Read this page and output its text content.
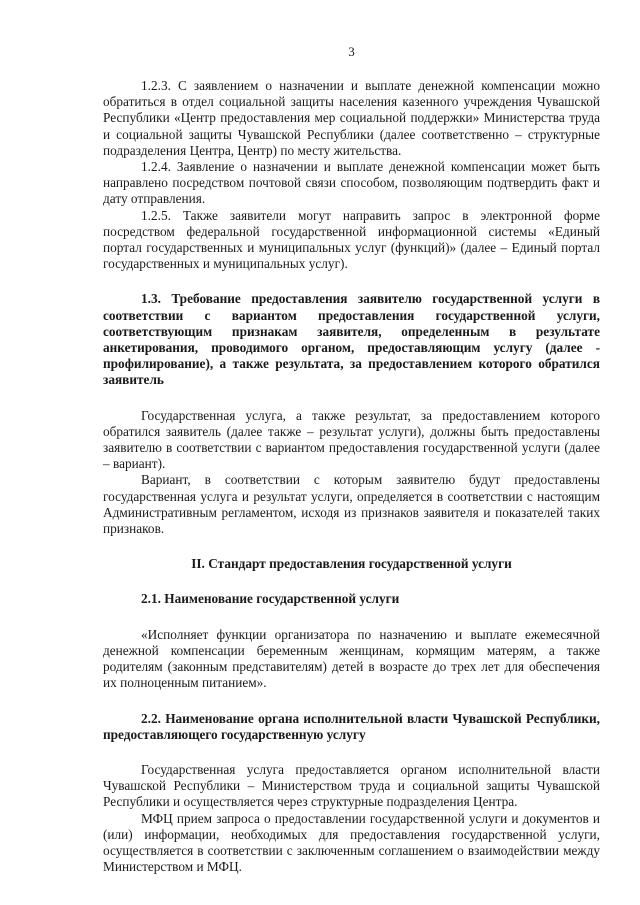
3

1.2.3. С заявлением о назначении и выплате денежной компенсации можно обратиться в отдел социальной защиты населения казенного учреждения Чувашской Республики «Центр предоставления мер социальной поддержки» Министерства труда и социальной защиты Чувашской Республики (далее соответственно – структурные подразделения Центра, Центр) по месту жительства.

1.2.4. Заявление о назначении и выплате денежной компенсации может быть направлено посредством почтовой связи способом, позволяющим подтвердить факт и дату отправления.

1.2.5. Также заявители могут направить запрос в электронной форме посредством федеральной государственной информационной системы «Единый портал государственных и муниципальных услуг (функций)» (далее – Единый портал государственных и муниципальных услуг).

1.3. Требование предоставления заявителю государственной услуги в соответствии с вариантом предоставления государственной услуги, соответствующим признакам заявителя, определенным в результате анкетирования, проводимого органом, предоставляющим услугу (далее - профилирование), а также результата, за предоставлением которого обратился заявитель

Государственная услуга, а также результат, за предоставлением которого обратился заявитель (далее также – результат услуги), должны быть предоставлены заявителю в соответствии с вариантом предоставления государственной услуги (далее – вариант).

Вариант, в соответствии с которым заявителю будут предоставлены государственная услуга и результат услуги, определяется в соответствии с настоящим Административным регламентом, исходя из признаков заявителя и показателей таких признаков.

II. Стандарт предоставления государственной услуги

2.1. Наименование государственной услуги

«Исполняет функции организатора по назначению и выплате ежемесячной денежной компенсации беременным женщинам, кормящим матерям, а также родителям (законным представителям) детей в возрасте до трех лет для обеспечения их полноценным питанием».

2.2. Наименование органа исполнительной власти Чувашской Республики, предоставляющего государственную услугу

Государственная услуга предоставляется органом исполнительной власти Чувашской Республики – Министерством труда и социальной защиты Чувашской Республики и осуществляется через структурные подразделения Центра.

МФЦ прием запроса о предоставлении государственной услуги и документов и (или) информации, необходимых для предоставления государственной услуги, осуществляется в соответствии с заключенным соглашением о взаимодействии между Министерством и МФЦ.
